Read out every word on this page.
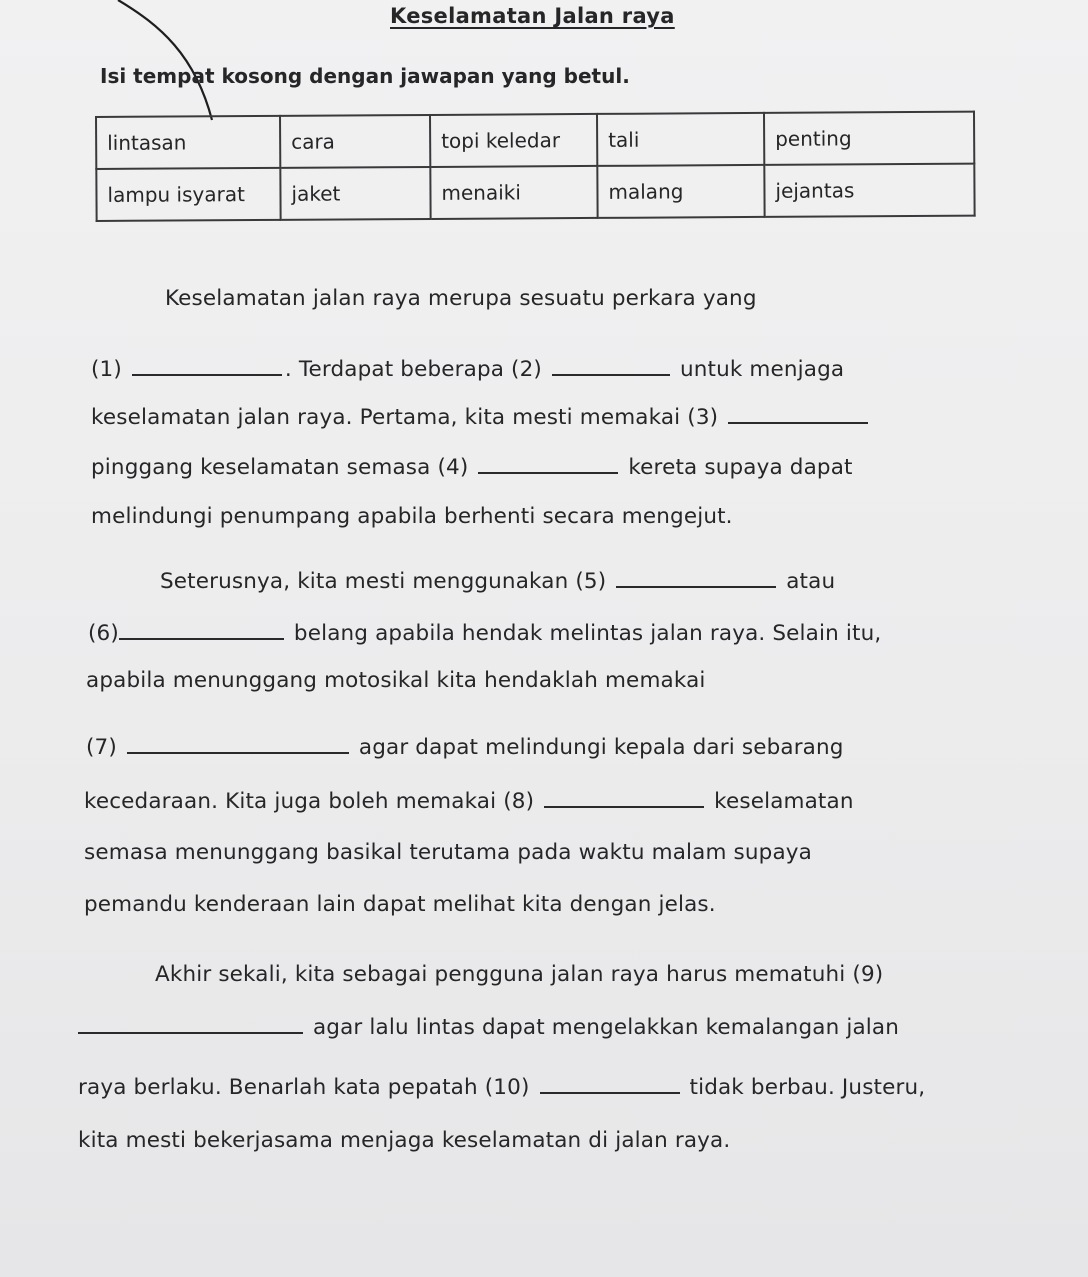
Keselamatan Jalan raya
Isi tempat kosong dengan jawapan yang betul.
lintasan	cara	topi keledar	tali	penting
lampu isyarat	jaket	menaiki	malang	jejantas
Keselamatan jalan raya merupa sesuatu perkara yang
(1)	. Terdapat beberapa (2)	untuk menjaga
keselamatan jalan raya. Pertama, kita mesti memakai (3)
pinggang keselamatan semasa (4)	kereta supaya dapat
melindungi penumpang apabila berhenti secara mengejut.
Seterusnya, kita mesti menggunakan (5)	atau
(6)	belang apabila hendak melintas jalan raya. Selain itu,
apabila menunggang motosikal kita hendaklah memakai
(7)	agar dapat melindungi kepala dari sebarang
kecedaraan. Kita juga boleh memakai (8)	keselamatan
semasa menunggang basikal terutama pada waktu malam supaya
pemandu kenderaan lain dapat melihat kita dengan jelas.
Akhir sekali, kita sebagai pengguna jalan raya harus mematuhi (9)
agar lalu lintas dapat mengelakkan kemalangan jalan
raya berlaku. Benarlah kata pepatah (10)	tidak berbau. Justeru,
kita mesti bekerjasama menjaga keselamatan di jalan raya.
